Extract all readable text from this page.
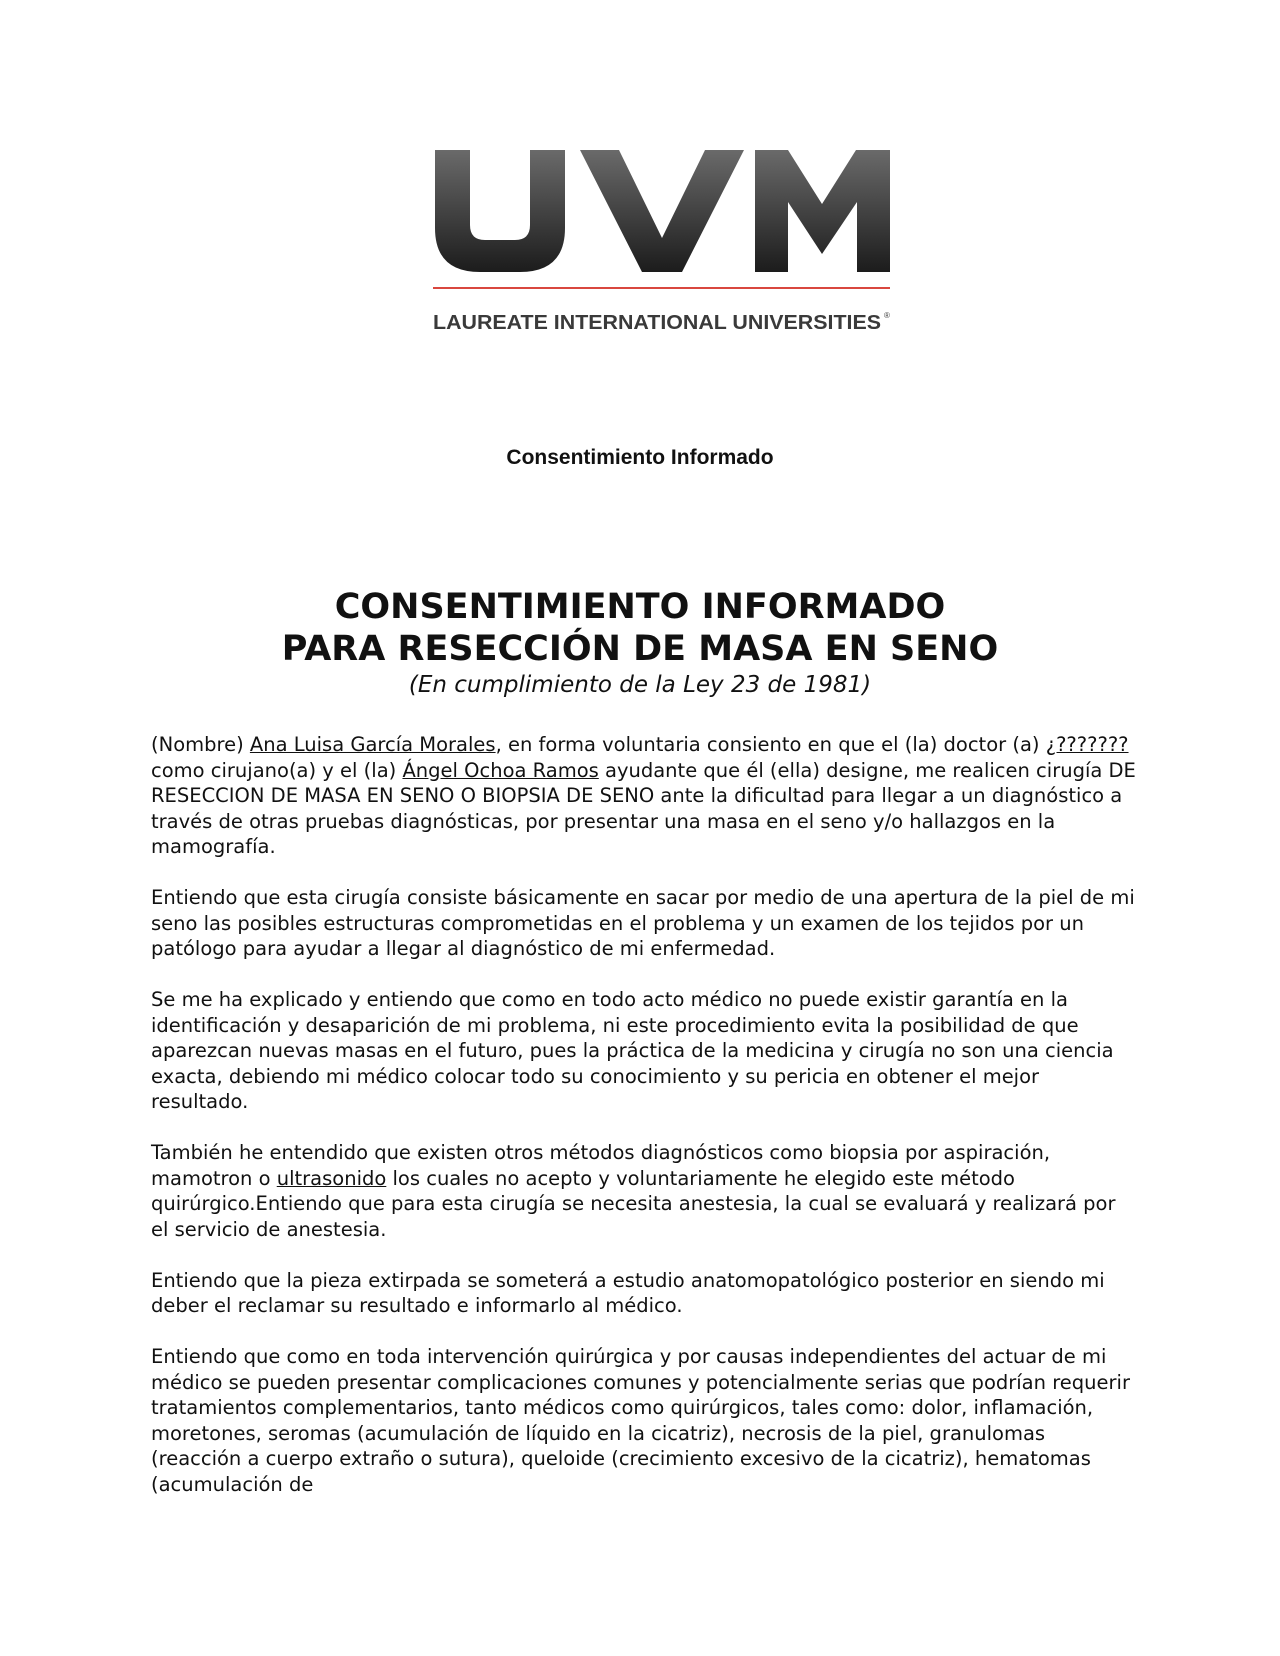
LAUREATE INTERNATIONAL UNIVERSITIES ®
Consentimiento Informado
CONSENTIMIENTO INFORMADO
PARA RESECCIÓN DE MASA EN SENO
(En cumplimiento de la Ley 23 de 1981)

(Nombre) Ana Luisa García Morales, en forma voluntaria consiento en que el (la) doctor (a) ¿??????? como cirujano(a) y el (la) Ángel Ochoa Ramos ayudante que él (ella) designe, me realicen cirugía DE RESECCION DE MASA EN SENO O BIOPSIA DE SENO ante la dificultad para llegar a un diagnóstico a través de otras pruebas diagnósticas, por presentar una masa en el seno y/o hallazgos en la mamografía.

Entiendo que esta cirugía consiste básicamente en sacar por medio de una apertura de la piel de mi seno las posibles estructuras comprometidas en el problema y un examen de los tejidos por un patólogo para ayudar a llegar al diagnóstico de mi enfermedad.

Se me ha explicado y entiendo que como en todo acto médico no puede existir garantía en la identificación y desaparición de mi problema, ni este procedimiento evita la posibilidad de que aparezcan nuevas masas en el futuro, pues la práctica de la medicina y cirugía no son una ciencia exacta, debiendo mi médico colocar todo su conocimiento y su pericia en obtener el mejor resultado.

También he entendido que existen otros métodos diagnósticos como biopsia por aspiración, mamotron o ultrasonido los cuales no acepto y voluntariamente he elegido este método quirúrgico.Entiendo que para esta cirugía se necesita anestesia, la cual se evaluará y realizará por el servicio de anestesia.

Entiendo que la pieza extirpada se someterá a estudio anatomopatológico posterior en siendo mi deber el reclamar su resultado e informarlo al médico.

Entiendo que como en toda intervención quirúrgica y por causas independientes del actuar de mi médico se pueden presentar complicaciones comunes y potencialmente serias que podrían requerir tratamientos complementarios, tanto médicos como quirúrgicos, tales como: dolor, inflamación, moretones, seromas (acumulación de líquido en la cicatriz), necrosis de la piel, granulomas (reacción a cuerpo extraño o sutura), queloide (crecimiento excesivo de la cicatriz), hematomas (acumulación de
